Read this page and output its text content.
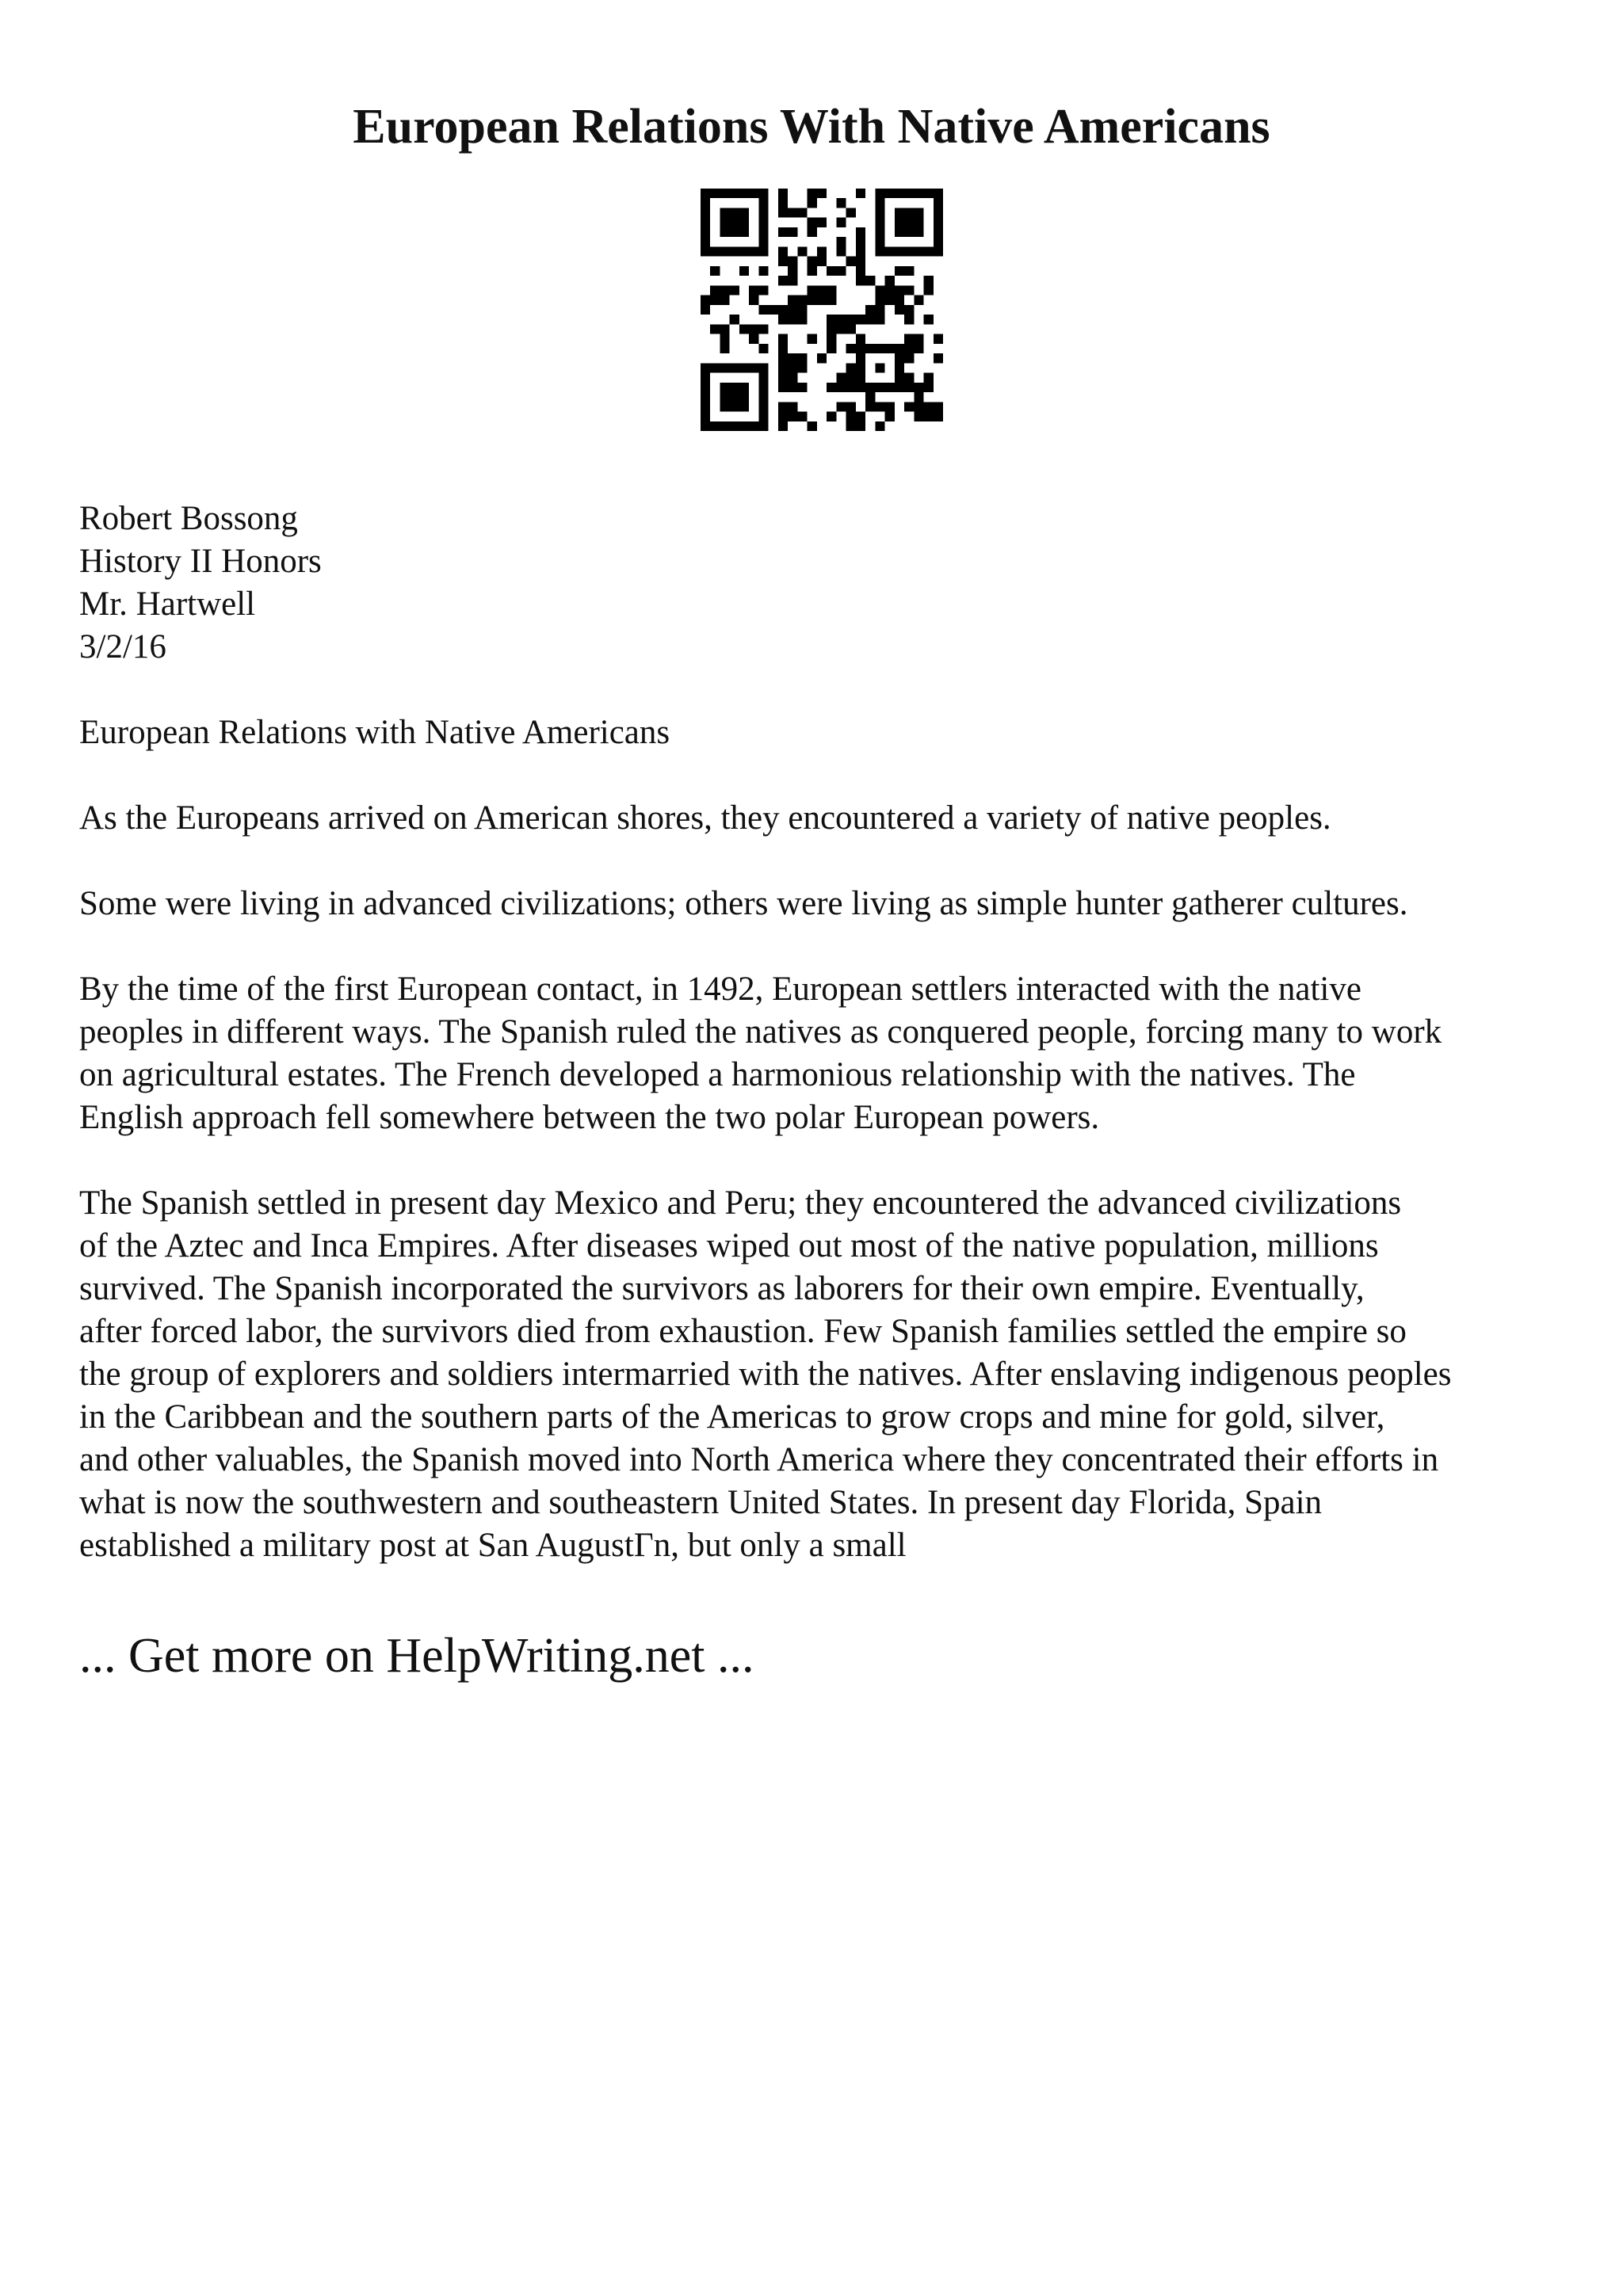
European Relations With Native Americans

Robert Bossong
History II Honors
Mr. Hartwell
3/2/16

European Relations with Native Americans

As the Europeans arrived on American shores, they encountered a variety of native peoples.

Some were living in advanced civilizations; others were living as simple hunter gatherer cultures.

By the time of the first European contact, in 1492, European settlers interacted with the native
peoples in different ways. The Spanish ruled the natives as conquered people, forcing many to work
on agricultural estates. The French developed a harmonious relationship with the natives. The
English approach fell somewhere between the two polar European powers.

The Spanish settled in present day Mexico and Peru; they encountered the advanced civilizations
of the Aztec and Inca Empires. After diseases wiped out most of the native population, millions
survived. The Spanish incorporated the survivors as laborers for their own empire. Eventually,
after forced labor, the survivors died from exhaustion. Few Spanish families settled the empire so
the group of explorers and soldiers intermarried with the natives. After enslaving indigenous peoples
in the Caribbean and the southern parts of the Americas to grow crops and mine for gold, silver,
and other valuables, the Spanish moved into North America where they concentrated their efforts in
what is now the southwestern and southeastern United States. In present day Florida, Spain
established a military post at San AugustГn, but only a small

... Get more on HelpWriting.net ...
